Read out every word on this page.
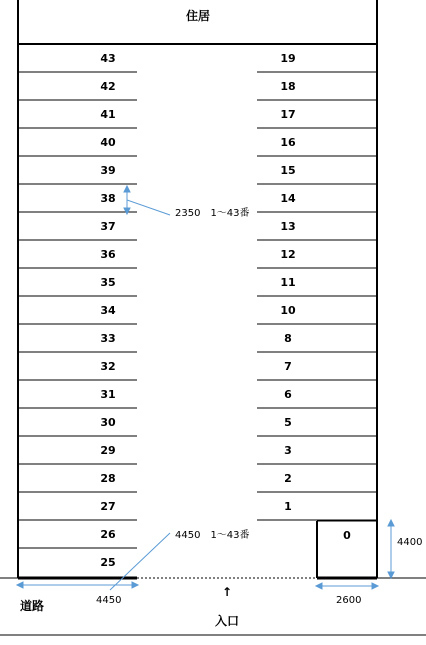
住居
43
42
41
40
39
38
37
36
35
34
33
32
31
30
29
28
27
26
25
19
18
17
16
15
14
13
12
11
10
8
7
6
5
3
2
1
0
2350　1～43番
4450　1～43番
4450	2600
4400
道路
↑
入口
